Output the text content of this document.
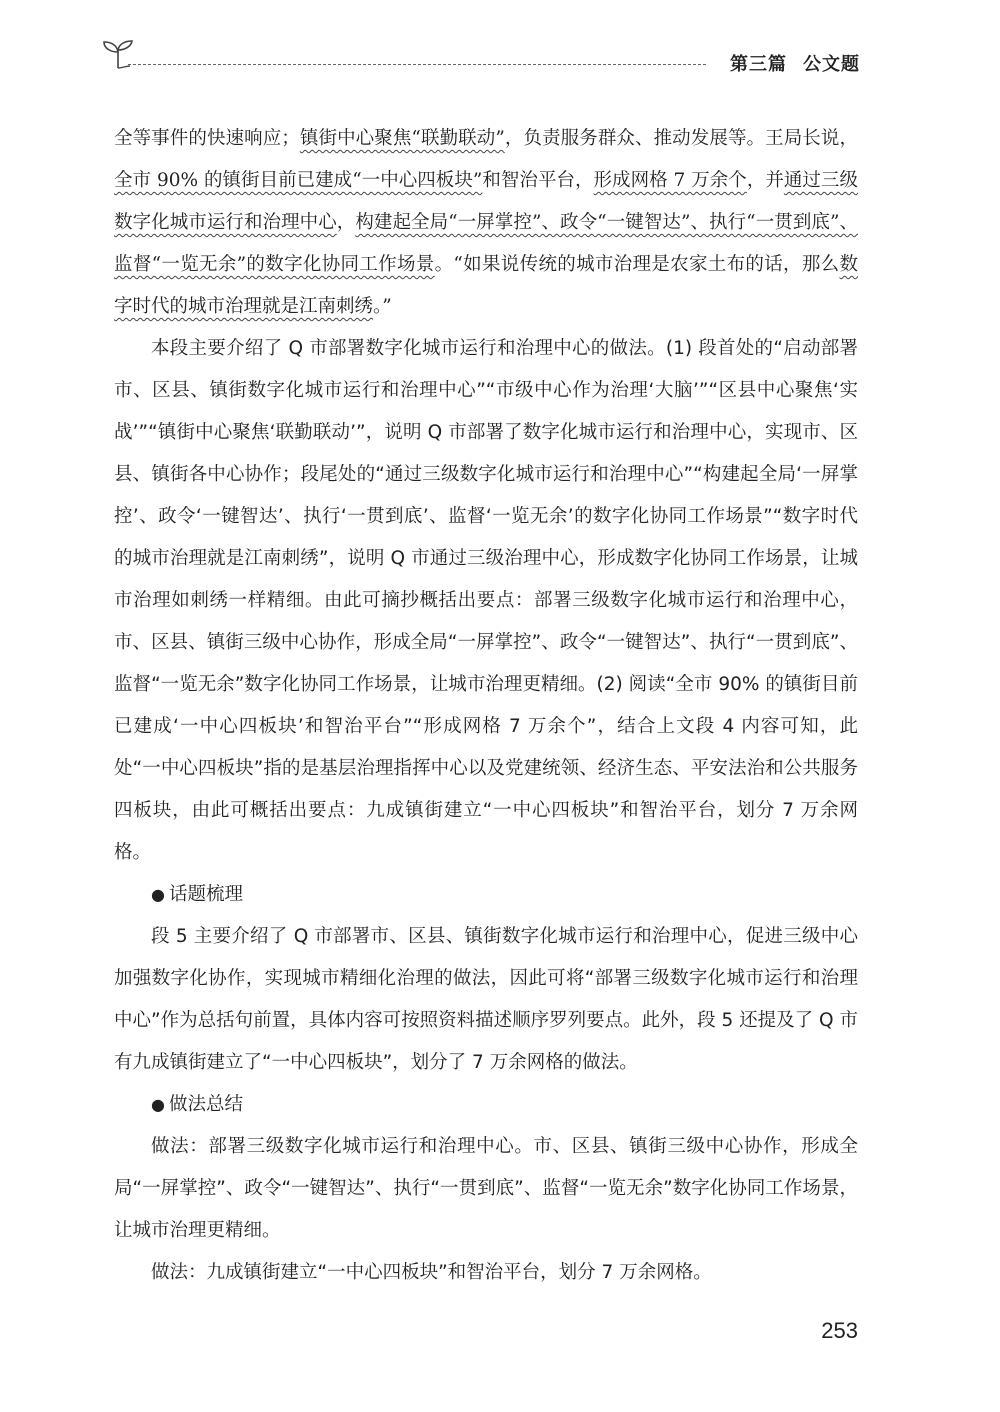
第三篇 公文题

全等事件的快速响应；镇街中心聚焦“联勤联动”，负责服务群众、推动发展等。王局长说，全市 90% 的镇街目前已建成“一中心四板块”和智治平台，形成网格 7 万余个，并通过三级数字化城市运行和治理中心，构建起全局“一屏掌控”、政令“一键智达”、执行“一贯到底”、监督“一览无余”的数字化协同工作场景。“如果说传统的城市治理是农家土布的话，那么数字时代的城市治理就是江南刺绣。”

本段主要介绍了 Q 市部署数字化城市运行和治理中心的做法。(1) 段首处的“启动部署市、区县、镇街数字化城市运行和治理中心”“市级中心作为治理‘大脑’”“区县中心聚焦‘实战’”“镇街中心聚焦‘联勤联动’”，说明 Q 市部署了数字化城市运行和治理中心，实现市、区县、镇街各中心协作；段尾处的“通过三级数字化城市运行和治理中心”“构建起全局‘一屏掌控’、政令‘一键智达’、执行‘一贯到底’、监督‘一览无余’的数字化协同工作场景”“数字时代的城市治理就是江南刺绣”，说明 Q 市通过三级治理中心，形成数字化协同工作场景，让城市治理如刺绣一样精细。由此可摘抄概括出要点：部署三级数字化城市运行和治理中心，市、区县、镇街三级中心协作，形成全局“一屏掌控”、政令“一键智达”、执行“一贯到底”、监督“一览无余”数字化协同工作场景，让城市治理更精细。(2) 阅读“全市 90% 的镇街目前已建成‘一中心四板块’和智治平台”“形成网格 7 万余个”，结合上文段 4 内容可知，此处“一中心四板块”指的是基层治理指挥中心以及党建统领、经济生态、平安法治和公共服务四板块，由此可概括出要点：九成镇街建立“一中心四板块”和智治平台，划分 7 万余网格。

● 话题梳理

段 5 主要介绍了 Q 市部署市、区县、镇街数字化城市运行和治理中心，促进三级中心加强数字化协作，实现城市精细化治理的做法，因此可将“部署三级数字化城市运行和治理中心”作为总括句前置，具体内容可按照资料描述顺序罗列要点。此外，段 5 还提及了 Q 市有九成镇街建立了“一中心四板块”，划分了 7 万余网格的做法。

● 做法总结

做法：部署三级数字化城市运行和治理中心。市、区县、镇街三级中心协作，形成全局“一屏掌控”、政令“一键智达”、执行“一贯到底”、监督“一览无余”数字化协同工作场景，让城市治理更精细。

做法：九成镇街建立“一中心四板块”和智治平台，划分 7 万余网格。

253
